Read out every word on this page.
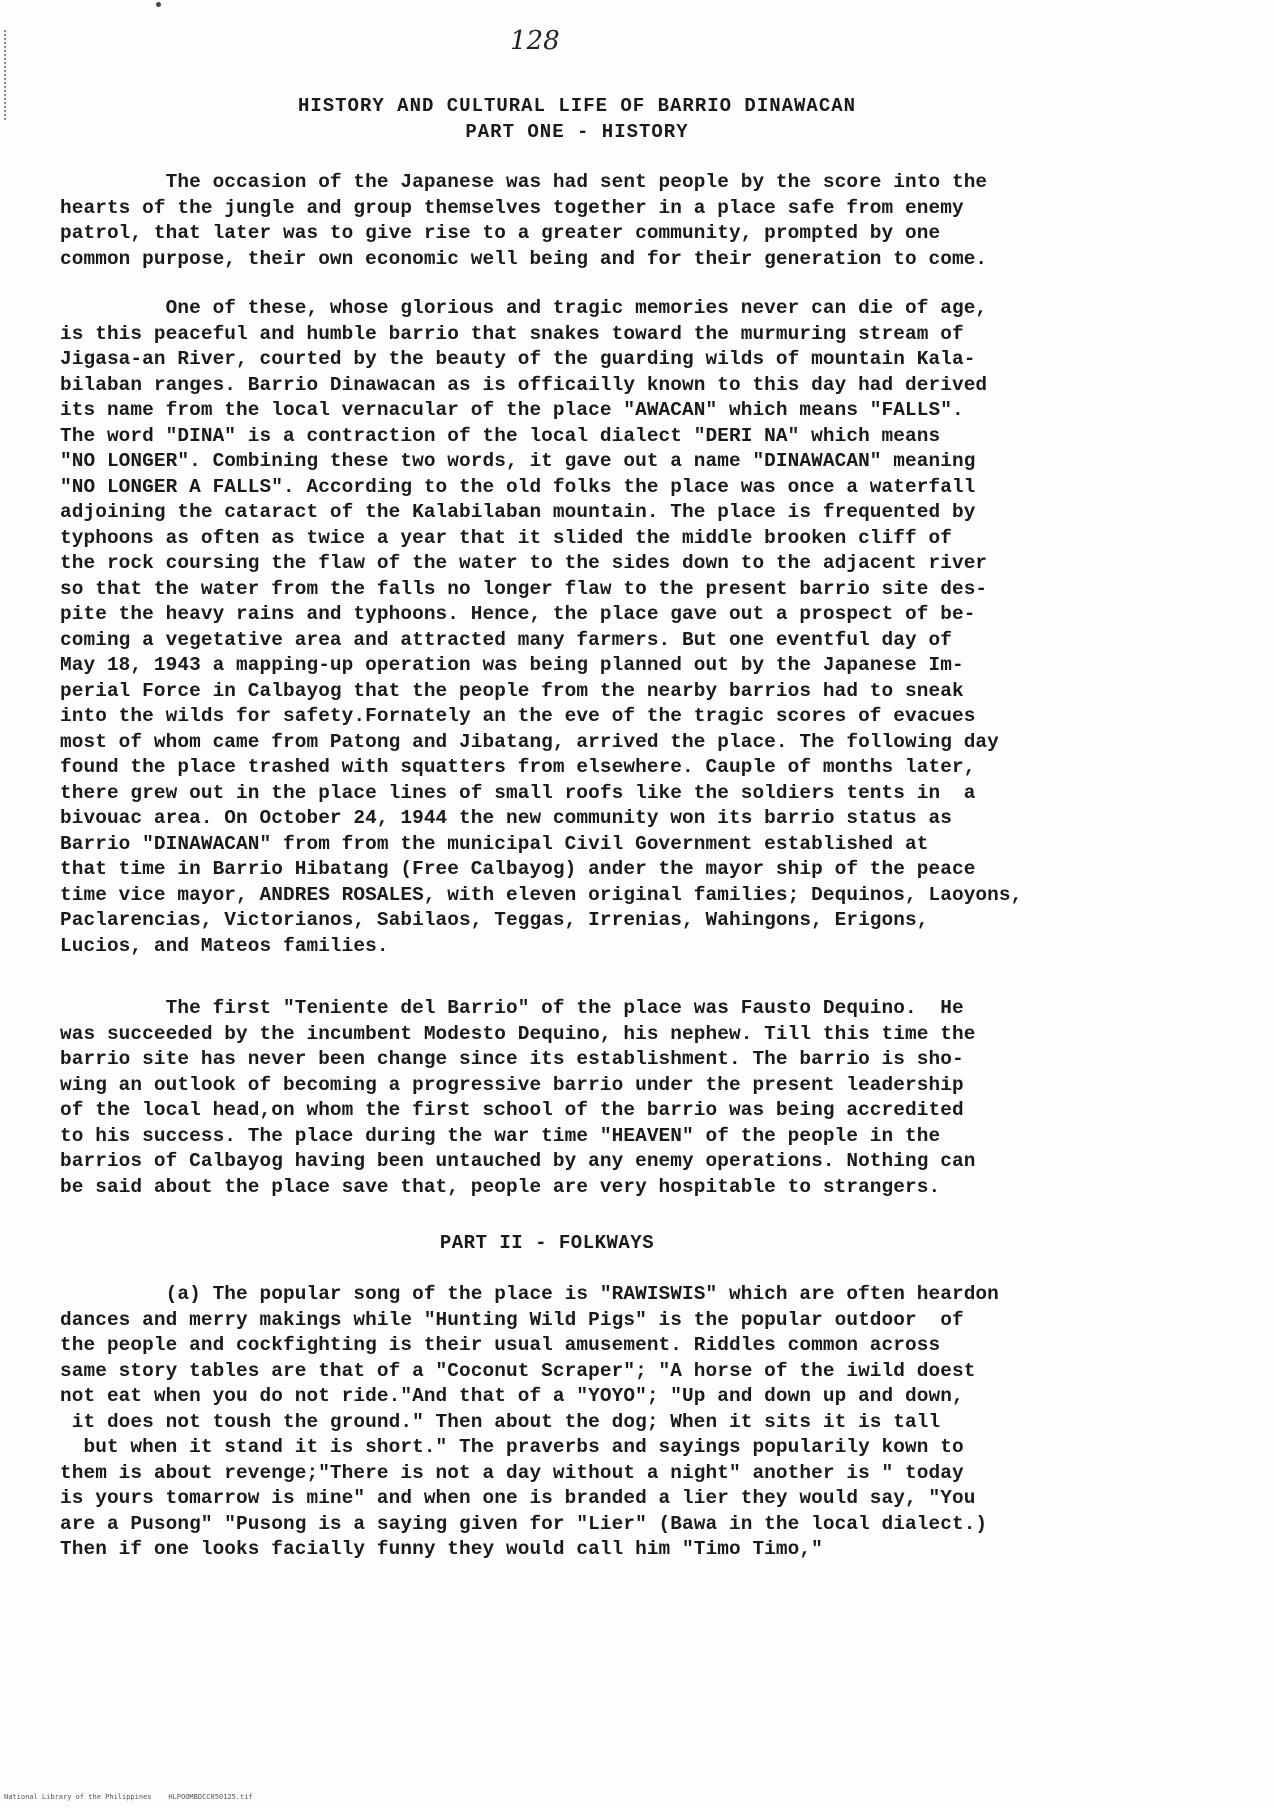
128
HISTORY AND CULTURAL LIFE OF BARRIO DINAWACAN
PART ONE - HISTORY
The occasion of the Japanese was had sent people by the score into the
hearts of the jungle and group themselves together in a place safe from enemy
patrol, that later was to give rise to a greater community, prompted by one
common purpose, their own economic well being and for their generation to come.
One of these, whose glorious and tragic memories never can die of age,
is this peaceful and humble barrio that snakes toward the murmuring stream of
Jigasa-an River, courted by the beauty of the guarding wilds of mountain Kala-
bilaban ranges. Barrio Dinawacan as is officailly known to this day had derived
its name from the local vernacular of the place "AWACAN" which means "FALLS".
The word "DINA" is a contraction of the local dialect "DERI NA" which means
"NO LONGER". Combining these two words, it gave out a name "DINAWACAN" meaning
"NO LONGER A FALLS". According to the old folks the place was once a waterfall
adjoining the cataract of the Kalabilaban mountain. The place is frequented by
typhoons as often as twice a year that it slided the middle brooken cliff of
the rock coursing the flaw of the water to the sides down to the adjacent river
so that the water from the falls no longer flaw to the present barrio site des-
pite the heavy rains and typhoons. Hence, the place gave out a prospect of be-
coming a vegetative area and attracted many farmers. But one eventful day of
May 18, 1943 a mapping-up operation was being planned out by the Japanese Im-
perial Force in Calbayog that the people from the nearby barrios had to sneak
into the wilds for safety.Fornately an the eve of the tragic scores of evacues
most of whom came from Patong and Jibatang, arrived the place. The following day
found the place trashed with squatters from elsewhere. Cauple of months later,
there grew out in the place lines of small roofs like the soldiers tents in  a
bivouac area. On October 24, 1944 the new community won its barrio status as
Barrio "DINAWACAN" from from the municipal Civil Government established at
that time in Barrio Hibatang (Free Calbayog) ander the mayor ship of the peace
time vice mayor, ANDRES ROSALES, with eleven original families; Dequinos, Laoyons,
Paclarencias, Victorianos, Sabilaos, Teggas, Irrenias, Wahingons, Erigons,
Lucios, and Mateos families.
The first "Teniente del Barrio" of the place was Fausto Dequino.  He
was succeeded by the incumbent Modesto Dequino, his nephew. Till this time the
barrio site has never been change since its establishment. The barrio is sho-
wing an outlook of becoming a progressive barrio under the present leadership
of the local head,on whom the first school of the barrio was being accredited
to his success. The place during the war time "HEAVEN" of the people in the
barrios of Calbayog having been untauched by any enemy operations. Nothing can
be said about the place save that, people are very hospitable to strangers.
PART II - FOLKWAYS
(a) The popular song of the place is "RAWISWIS" which are often heardon
dances and merry makings while "Hunting Wild Pigs" is the popular outdoor  of
the people and cockfighting is their usual amusement. Riddles common across
same story tables are that of a "Coconut Scraper"; "A horse of the iwild doest
not eat when you do not ride."And that of a "YOYO"; "Up and down up and down,
it does not toush the ground." Then about the dog; When it sits it is tall
but when it stand it is short." The praverbs and sayings popularily kown to
them is about revenge;"There is not a day without a night" another is " today
is yours tomarrow is mine" and when one is branded a lier they would say, "You
are a Pusong" "Pusong is a saying given for "Lier" (Bawa in the local dialect.)
Then if one looks facially funny they would call him "Timo Timo,"
National Library of the Philippines    HLPOOMBDCC050125.tif
